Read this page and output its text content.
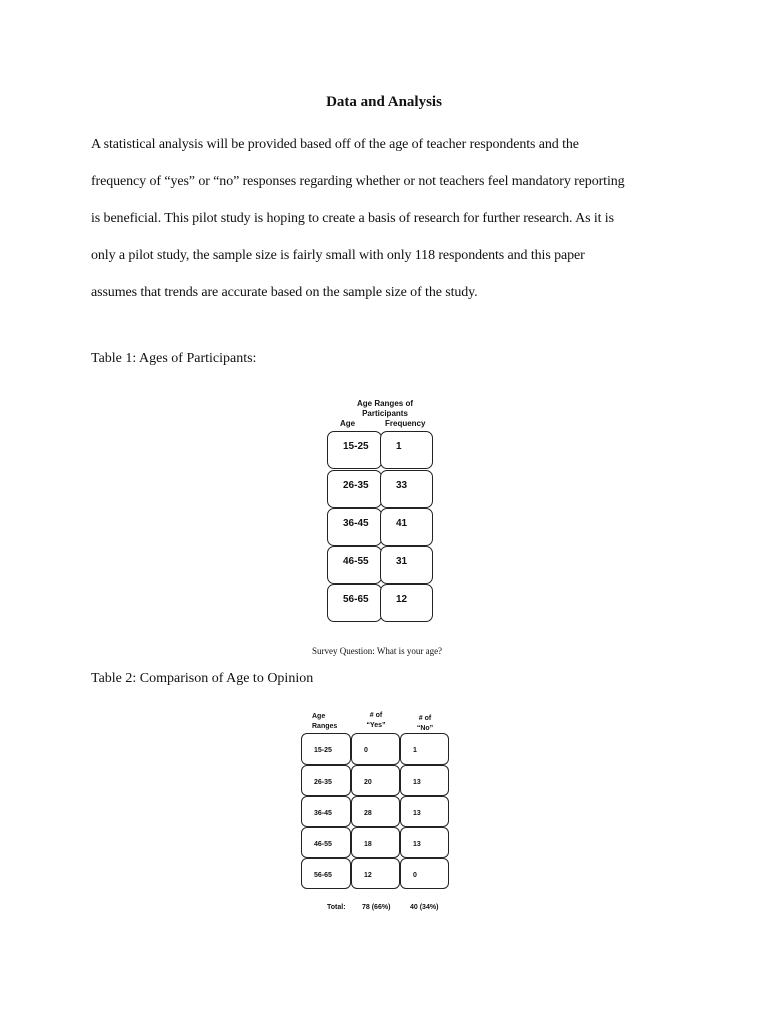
Data and Analysis
A statistical analysis will be provided based off of the age of teacher respondents and the
frequency of “yes” or “no” responses regarding whether or not teachers feel mandatory reporting
is beneficial. This pilot study is hoping to create a basis of research for further research. As it is
only a pilot study, the sample size is fairly small with only 118 respondents and this paper
assumes that trends are accurate based on the sample size of the study.
Table 1: Ages of Participants:
Age Ranges of
Participants
Age	Frequency
15-25	1
26-35	33
36-45	41
46-55	31
56-65	12
Survey Question: What is your age?
Table 2: Comparison of Age to Opinion
Age
Ranges
# of
“Yes”
# of
“No”
15-25	0	1
26-35	20	13
36-45	28	13
46-55	18	13
56-65	12	0
Total: 78 (66%)	40 (34%)
